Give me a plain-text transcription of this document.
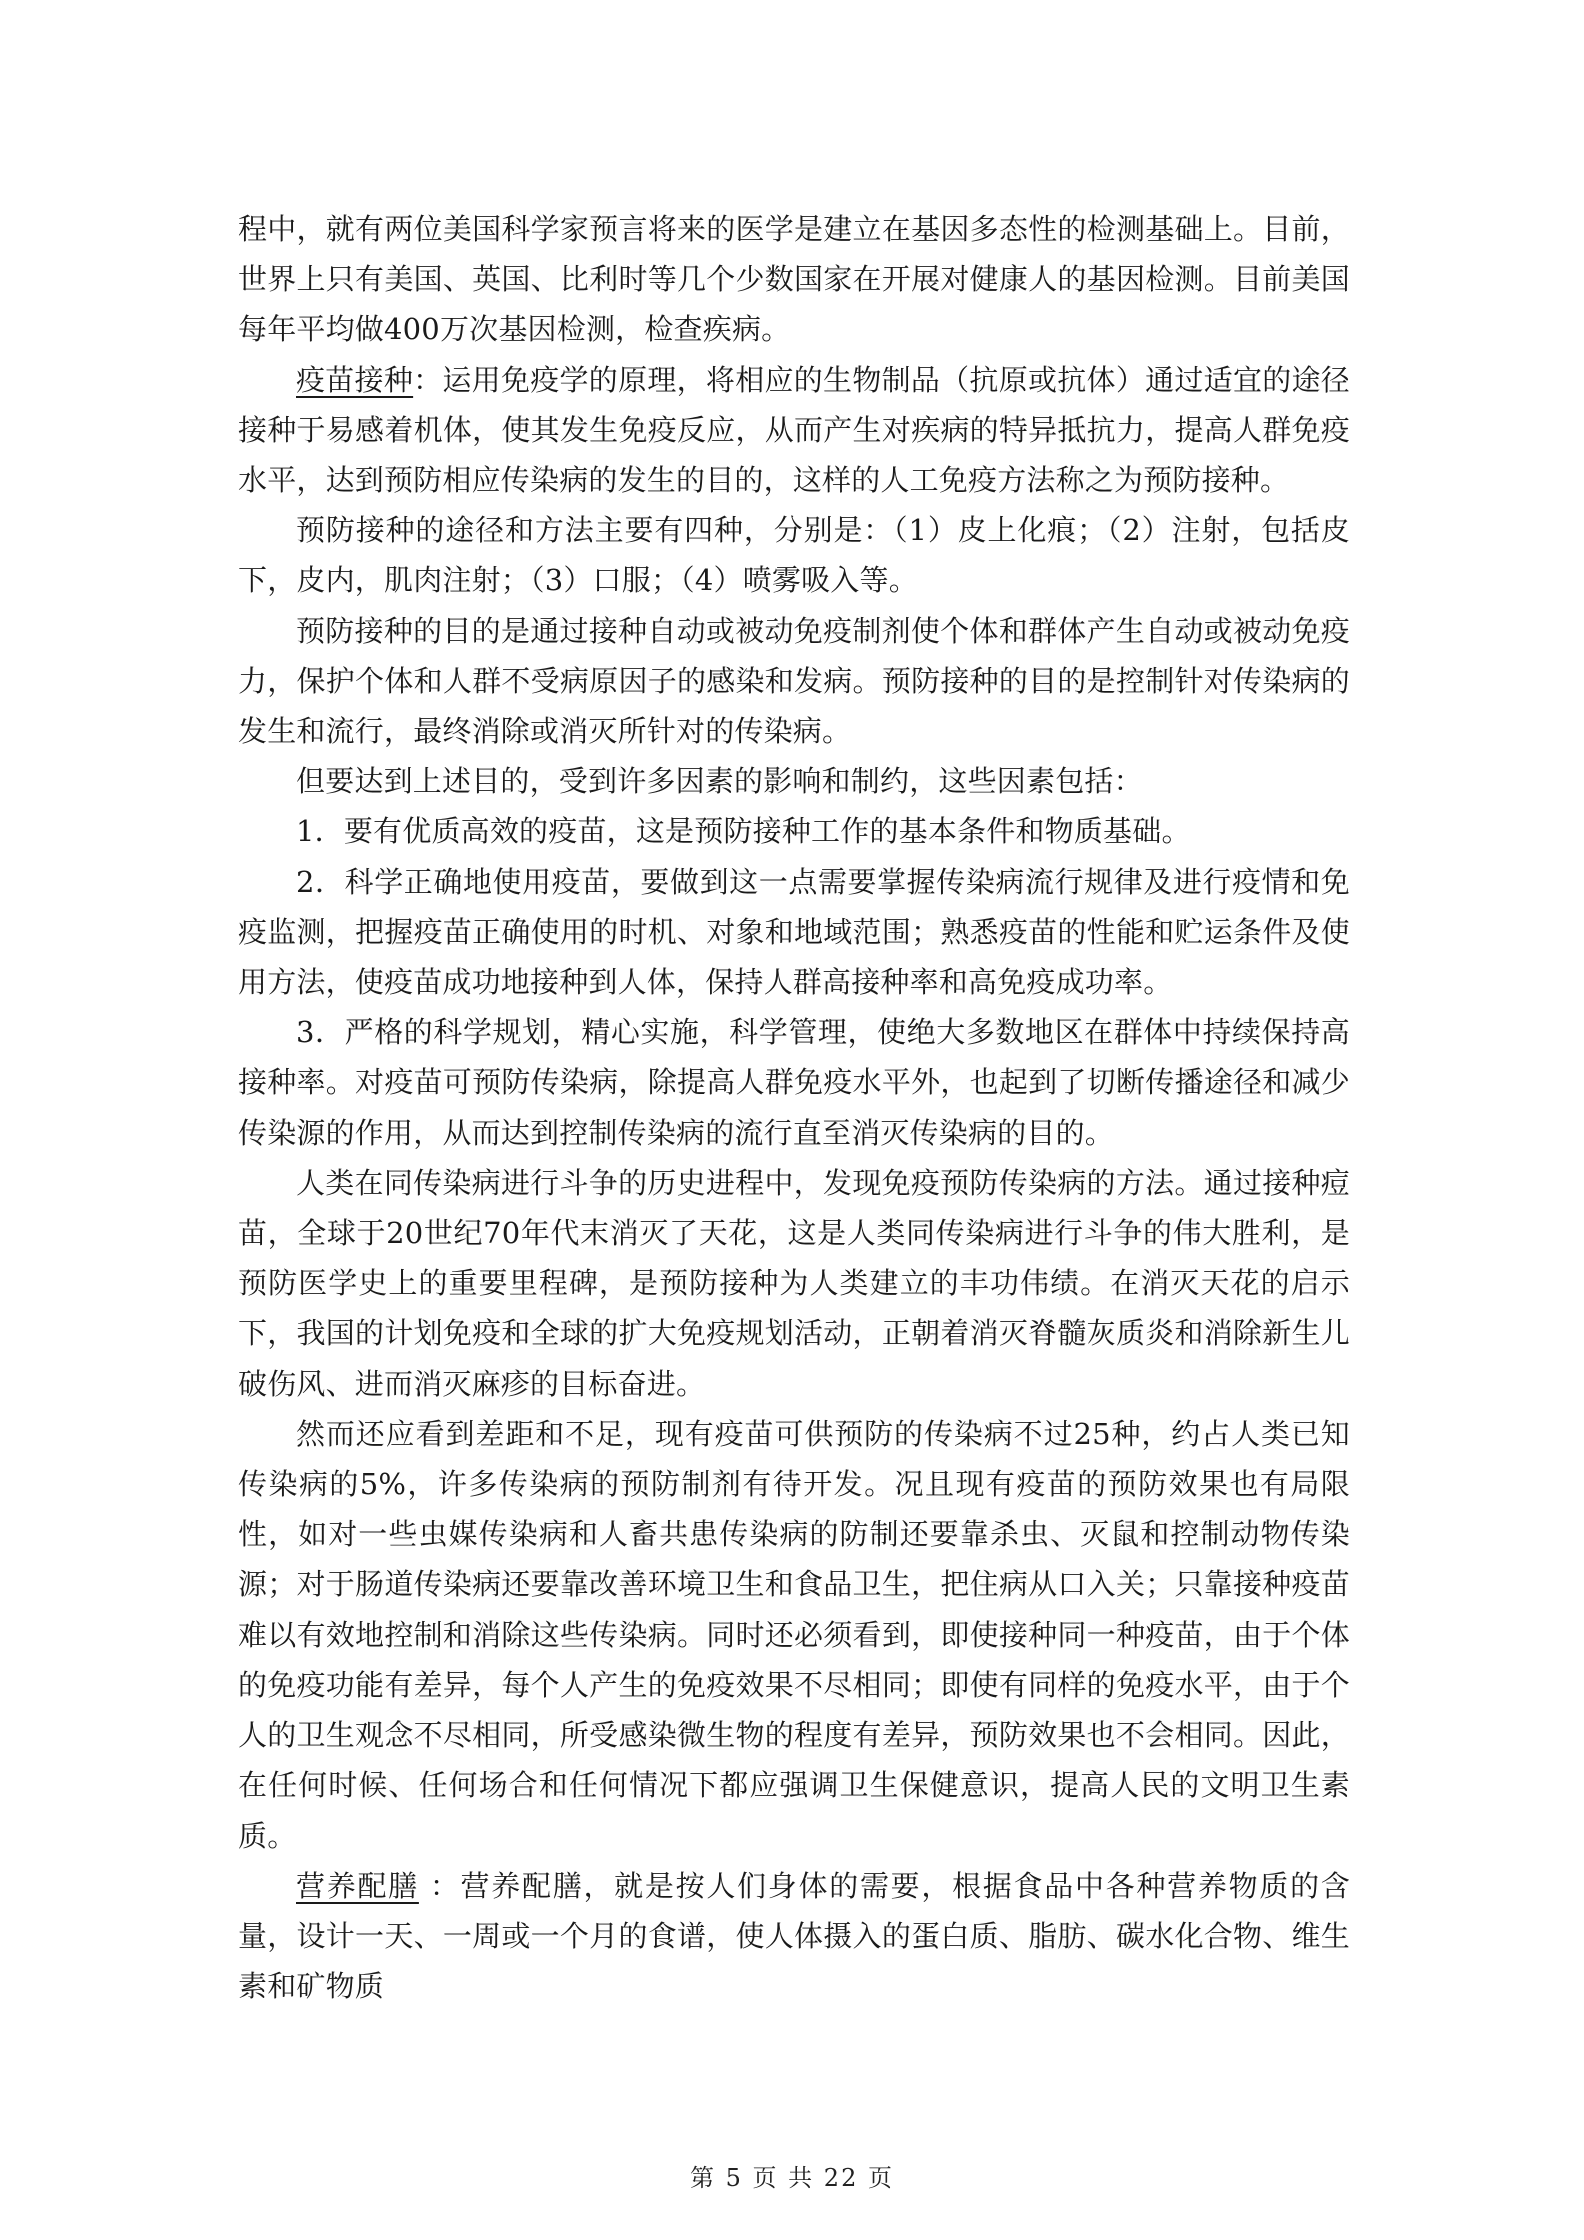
程中，就有两位美国科学家预言将来的医学是建立在基因多态性的检测基础上。目前，世界上只有美国、英国、比利时等几个少数国家在开展对健康人的基因检测。目前美国每年平均做400万次基因检测，检查疾病。

疫苗接种：运用免疫学的原理，将相应的生物制品（抗原或抗体）通过适宜的途径接种于易感着机体，使其发生免疫反应，从而产生对疾病的特异抵抗力，提高人群免疫水平，达到预防相应传染病的发生的目的，这样的人工免疫方法称之为预防接种。

预防接种的途径和方法主要有四种，分别是：（1）皮上化痕；（2）注射，包括皮下，皮内，肌肉注射；（3）口服；（4）喷雾吸入等。

预防接种的目的是通过接种自动或被动免疫制剂使个体和群体产生自动或被动免疫力，保护个体和人群不受病原因子的感染和发病。预防接种的目的是控制针对传染病的发生和流行，最终消除或消灭所针对的传染病。

但要达到上述目的，受到许多因素的影响和制约，这些因素包括：

1．要有优质高效的疫苗，这是预防接种工作的基本条件和物质基础。

2．科学正确地使用疫苗，要做到这一点需要掌握传染病流行规律及进行疫情和免疫监测，把握疫苗正确使用的时机、对象和地域范围；熟悉疫苗的性能和贮运条件及使用方法，使疫苗成功地接种到人体，保持人群高接种率和高免疫成功率。

3．严格的科学规划，精心实施，科学管理，使绝大多数地区在群体中持续保持高接种率。对疫苗可预防传染病，除提高人群免疫水平外，也起到了切断传播途径和减少传染源的作用，从而达到控制传染病的流行直至消灭传染病的目的。

人类在同传染病进行斗争的历史进程中，发现免疫预防传染病的方法。通过接种痘苗，全球于20世纪70年代末消灭了天花，这是人类同传染病进行斗争的伟大胜利，是预防医学史上的重要里程碑，是预防接种为人类建立的丰功伟绩。在消灭天花的启示下，我国的计划免疫和全球的扩大免疫规划活动，正朝着消灭脊髓灰质炎和消除新生儿破伤风、进而消灭麻疹的目标奋进。

然而还应看到差距和不足，现有疫苗可供预防的传染病不过25种，约占人类已知传染病的5%，许多传染病的预防制剂有待开发。况且现有疫苗的预防效果也有局限性，如对一些虫媒传染病和人畜共患传染病的防制还要靠杀虫、灭鼠和控制动物传染源；对于肠道传染病还要靠改善环境卫生和食品卫生，把住病从口入关；只靠接种疫苗难以有效地控制和消除这些传染病。同时还必须看到，即使接种同一种疫苗，由于个体的免疫功能有差异，每个人产生的免疫效果不尽相同；即使有同样的免疫水平，由于个人的卫生观念不尽相同，所受感染微生物的程度有差异，预防效果也不会相同。因此，在任何时候、任何场合和任何情况下都应强调卫生保健意识，提高人民的文明卫生素质。

营养配膳 ：营养配膳，就是按人们身体的需要，根据食品中各种营养物质的含量，设计一天、一周或一个月的食谱，使人体摄入的蛋白质、脂肪、碳水化合物、维生素和矿物质

第 5 页 共 22 页
